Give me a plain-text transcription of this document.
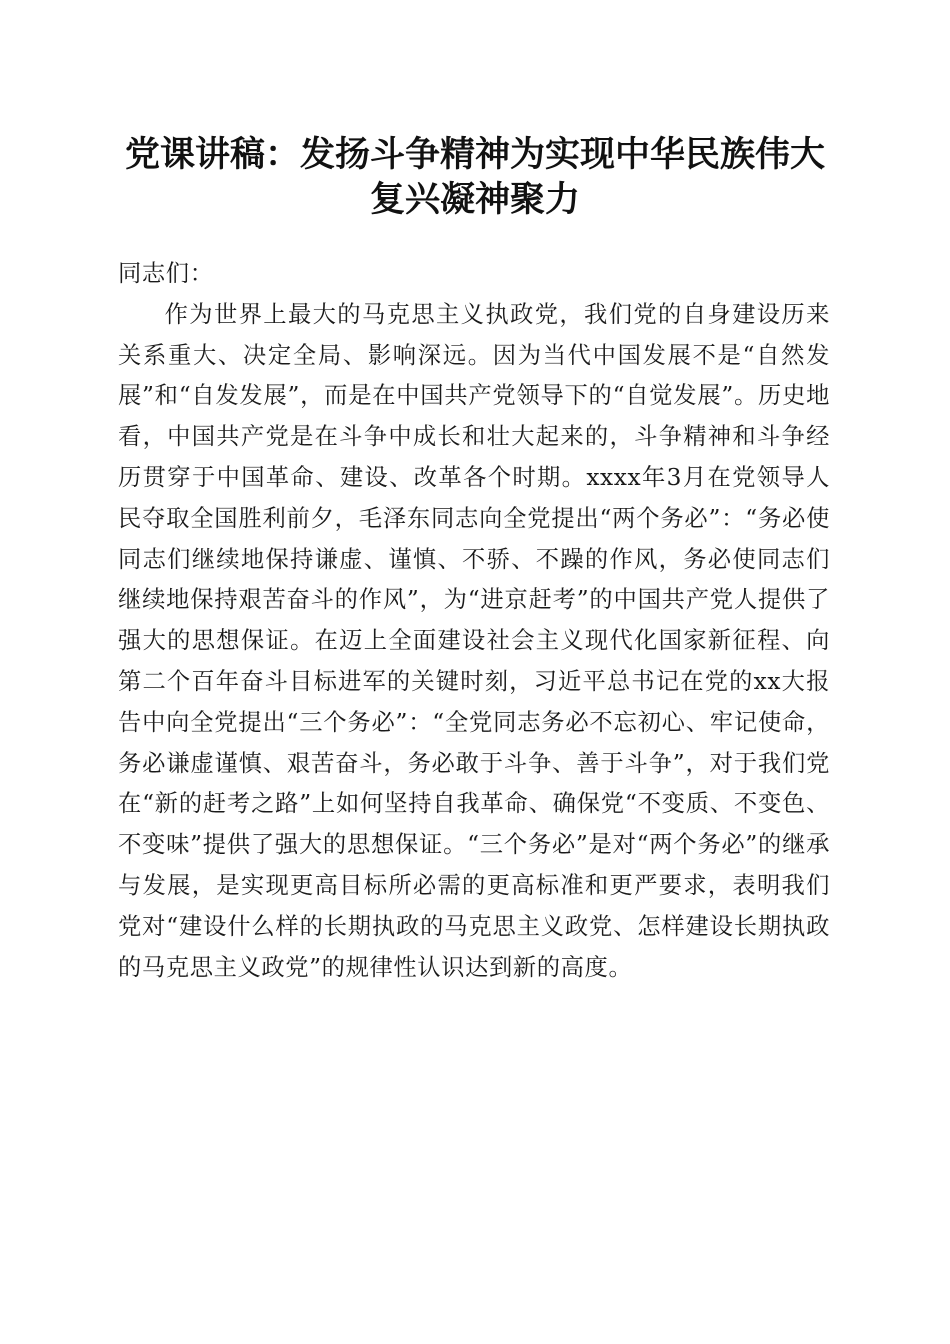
党课讲稿：发扬斗争精神为实现中华民族伟大复兴凝神聚力

同志们：

作为世界上最大的马克思主义执政党，我们党的自身建设历来关系重大、决定全局、影响深远。因为当代中国发展不是“自然发展”和“自发发展”，而是在中国共产党领导下的“自觉发展”。历史地看，中国共产党是在斗争中成长和壮大起来的，斗争精神和斗争经历贯穿于中国革命、建设、改革各个时期。xxxx年3月在党领导人民夺取全国胜利前夕，毛泽东同志向全党提出“两个务必”：“务必使同志们继续地保持谦虚、谨慎、不骄、不躁的作风，务必使同志们继续地保持艰苦奋斗的作风”，为“进京赶考”的中国共产党人提供了强大的思想保证。在迈上全面建设社会主义现代化国家新征程、向第二个百年奋斗目标进军的关键时刻，习近平总书记在党的xx大报告中向全党提出“三个务必”：“全党同志务必不忘初心、牢记使命，务必谦虚谨慎、艰苦奋斗，务必敢于斗争、善于斗争”，对于我们党在“新的赶考之路”上如何坚持自我革命、确保党“不变质、不变色、不变味”提供了强大的思想保证。“三个务必”是对“两个务必”的继承与发展，是实现更高目标所必需的更高标准和更严要求，表明我们党对“建设什么样的长期执政的马克思主义政党、怎样建设长期执政的马克思主义政党”的规律性认识达到新的高度。
